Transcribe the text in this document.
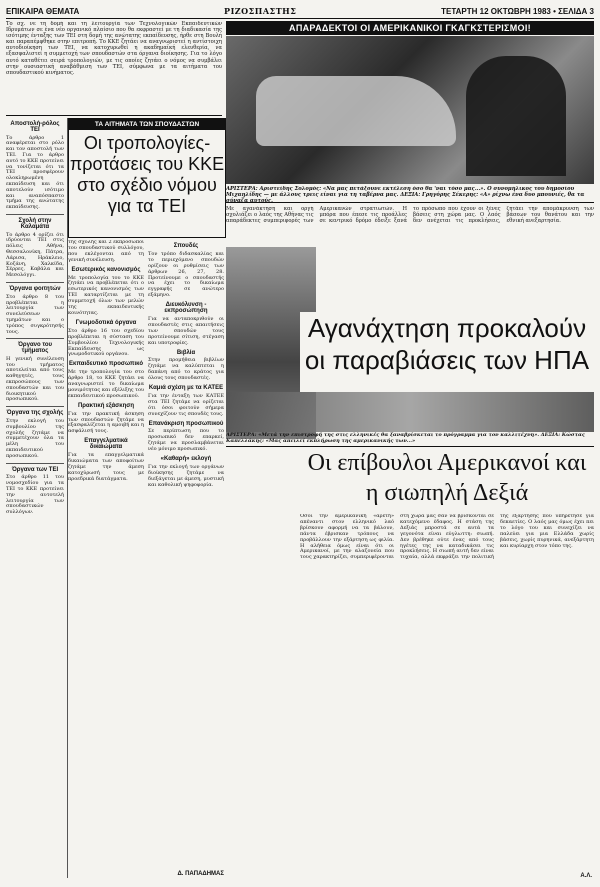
ΕΠΙΚΑΙΡΑ ΘΕΜΑΤΑ	ΡΙΖΟΣΠΑΣΤΗΣ	ΤΕΤΑΡΤΗ 12 ΟΚΤΩΒΡΗ 1983 • ΣΕΛΙΔΑ 3
Το σχ. νε τη δομή και τη λειτουργία των Τεχνολογικών Εκπαιδευτικών Ιδρυμάτων σε ένα νέο οργανικό πλαίσιο που θα εκφραστεί με τη διαδικασία της ισότιμης ένταξης των ΤΕΙ στη δομή της ανώτατης εκπαίδευσης, ήρθε στη Βουλή και παραπέμφθηκε στην επιτροπή. Το ΚΚΕ ζητάει να αναγνωριστεί η αντίστοιχη αυτοδιοίκηση των ΤΕΙ, να κατοχυρωθεί η ακαδημαϊκή ελευθερία, να εξασφαλιστεί η συμμετοχή των σπουδαστών στα όργανα διοίκησης. Για το λόγο αυτό καταθέτει σειρά τροπολογιών, με τις οποίες ζητάει ο νόμος να συμβάλει στην ουσιαστική αναβάθμιση των ΤΕΙ, σύμφωνα με τα αιτήματα του σπουδαστικού κινήματος.
ΑΠΑΡΑΔΕΚΤΟΙ ΟΙ ΑΜΕΡΙΚΑΝΙΚΟΙ ΓΚΑΓΚΣΤΕΡΙΣΜΟΙ!
ΑΡΙΣΤΕΡΑ: Αριστείδης Σολομός: «Να μας πετάξουνε εκτέλεση όσο θα 'ναι τόσο μας...». Ο συνομήλικος του δημοσίου Μιχαηλίδης — με άλλους τρεις είναι για τη ταβέρνα μας. ΔΕΞΙΑ: Γρηγόρης Σέκερης: «Α» ρίχνω ένα δυο μπουνιές, θα τα σύναζα αυτούς.
Αποστολή-ρόλος ΤΕΙ
Το άρθρο 1 αναφέρεται στο ρόλο και τον αποστολή των ΤΕΙ. Για το άρθρο αυτό το ΚΚΕ προτείνει να τονίζεται ότι τα ΤΕΙ προσφέρουν ολοκληρωμένη εκπαίδευση και ότι αποτελούν ισότιμο και αναπόσπαστο τμήμα της ανώτατης εκπαίδευσης.
Σχολή στην Καλαμάτα
Το άρθρο 4 ορίζει ότι ιδρύονται ΤΕΙ στις πόλεις Αθήνα, Θεσσαλονίκη, Πάτρα, Λάρισα, Ηράκλειο, Κοζάνη, Χαλκίδα, Σέρρες, Καβάλα και Μεσολόγγι.
Όργανα φοιτητών
Στο άρθρο 8 του προβλέπεται η λειτουργία των συνελεύσεων τμημάτων και ο τρόπος συγκρότησής τους.
Όργανο του τμήματος
Η γενική συνέλευση του τμήματος αποτελείται από τους καθηγητές, τους εκπροσώπους των σπουδαστών και του διοικητικού προσωπικού.
Όργανα της σχολής
Στην εκλογή του συμβουλίου της σχολής ζητάμε να συμμετέχουν όλα τα μέλη του εκπαιδευτικού προσωπικού.
Όργανα των ΤΕΙ
Στο άρθρο 11 του νομοσχεδίου για τα ΤΕΙ το ΚΚΕ προτείνει την αυτοτελή λειτουργία των σπουδαστικών συλλόγων.
ΤΑ ΑΙΤΗΜΑΤΑ ΤΩΝ ΣΠΟΥΔΑΣΤΩΝ
Οι τροπολογίες-προτάσεις του ΚΚΕ στο σχέδιο νόμου για τα ΤΕΙ
της σχολής και 2 εκπρόσωποι του σπουδαστικού συλλόγου, που εκλέγονται από τη γενική συνέλευση.
Εσωτερικός κανονισμός
Με τροπολογία του το ΚΚΕ ζητάει να προβλέπεται ότι ο εσωτερικός κανονισμός των ΤΕΙ καταρτίζεται με τη συμμετοχή όλων των μελών της εκπαιδευτικής κοινότητας.
Γνωμοδοτικά όργανα
Στο άρθρο 16 του σχεδίου προβλέπεται η σύσταση του Συμβουλίου Τεχνολογικής Εκπαίδευσης ως γνωμοδοτικού οργάνου.
Εκπαιδευτικό προσωπικό
Με την τροπολογία του στο άρθρο 18, το ΚΚΕ ζητάει να αναγνωριστεί το δικαίωμα μονιμότητας και εξέλιξης του εκπαιδευτικού προσωπικού.
Πρακτική εξάσκηση
Για την πρακτική άσκηση των σπουδαστών ζητάμε να εξασφαλίζεται η αμοιβή και η ασφάλισή τους.
Επαγγελματικά δικαιώματα
Για τα επαγγελματικά δικαιώματα των αποφοίτων ζητάμε την άμεση κατοχύρωσή τους με προεδρικά διατάγματα.
Δ. ΠΑΠΑΔΗΜΑΣ
Σπουδές
Τον τρόπο διδασκαλίας και το περιεχόμενο σπουδών ορίζουν οι ρυθμίσεις των άρθρων 26, 27, 28. Προτείνουμε ο σπουδαστής να έχει το δικαίωμα εγγραφής σε ανώτερο εξάμηνο.
Διευκόλυνση - εκπροσώπηση
Για να ανταποκριθούν οι σπουδαστές στις απαιτήσεις των σπουδών τους προτείνουμε σίτιση, στέγαση και υποτροφίες.
Βιβλία
Στην προμήθεια βιβλίων ζητάμε να καλύπτεται η δαπάνη από το κράτος για όλους τους σπουδαστές.
Καμιά σχέση με τα ΚΑΤΕΕ
Για την ένταξη των ΚΑΤΕΕ στα ΤΕΙ ζητάμε να ορίζεται ότι όσοι φοιτούν σήμερα συνεχίζουν τις σπουδές τους.
Επανάκριση προσωπικού
Σε περίπτωση που το προσωπικό δεν επαρκεί, ζητάμε να προσλαμβάνεται νέο μόνιμο προσωπικό.
«Καθαρή» εκλογή
Για την εκλογή των οργάνων διοίκησης ζητάμε να διεξάγεται με άμεση, μυστική και καθολική ψηφοφορία.
Με αγανάκτηση και οργή σχολιάζει ο λαός της Αθήνας τις απαράδεκτες συμπεριφορές των Αμερικανών στρατιωτών. Η μπόρα που έπεσε τις προάλλες σε κεντρικό δρόμο έδειξε ξανά το πρόσωπο που έχουν οι ξένες βάσεις στη χώρα μας. Ο λαός δεν ανέχεται τις προκλήσεις, ζητάει την απομάκρυνση των βάσεων του θανάτου και την εθνική ανεξαρτησία.
Αγανάχτηση προκαλούν οι παραβιάσεις των ΗΠΑ
ΑΡΙΣΤΕΡΑ: «Μετά την επιστροφή της στις ελληνικές θα ξαναβρίσκεται το πρόγραμμα για τον καλλιτέχνη». ΔΕΞΙΑ: Κώστας Καπελλάκης: «Μας απειλεί εκπλήρωση της αμερικανικής των...»
Οι επίβουλοι Αμερικανοί και η σιωπηλή Δεξιά
Όσοι την αμερικανική «αρετή» απέναντι στον ελληνικό λαό βρίσκουν αφορμή να τα βάλουν, πάντα έβρισκαν τρόπους να προβάλλουν την εξάρτηση ως φιλία. Η αλήθεια όμως είναι ότι οι Αμερικανοί, με την αλαζονεία που τους χαρακτηρίζει, συμπεριφέρονται στη χώρα μας σαν να βρίσκονται σε κατεχόμενο έδαφος. Η στάση της Δεξιάς μπροστά σε αυτά τα γεγονότα είναι εύγλωττη: σιωπή. Δεν βρέθηκε ούτε ένας από τους ηγέτες της να καταδικάσει τις προκλήσεις. Η σιωπή αυτή δεν είναι τυχαία, αλλά εκφράζει την πολιτική της εξάρτησης που υπηρέτησε για δεκαετίες. Ο λαός μας όμως έχει πει το λόγο του και συνεχίζει να παλεύει για μια Ελλάδα χωρίς βάσεις, χωρίς πυρηνικά, ανεξάρτητη και κυρίαρχη στον τόπο της.
Α.Λ.
